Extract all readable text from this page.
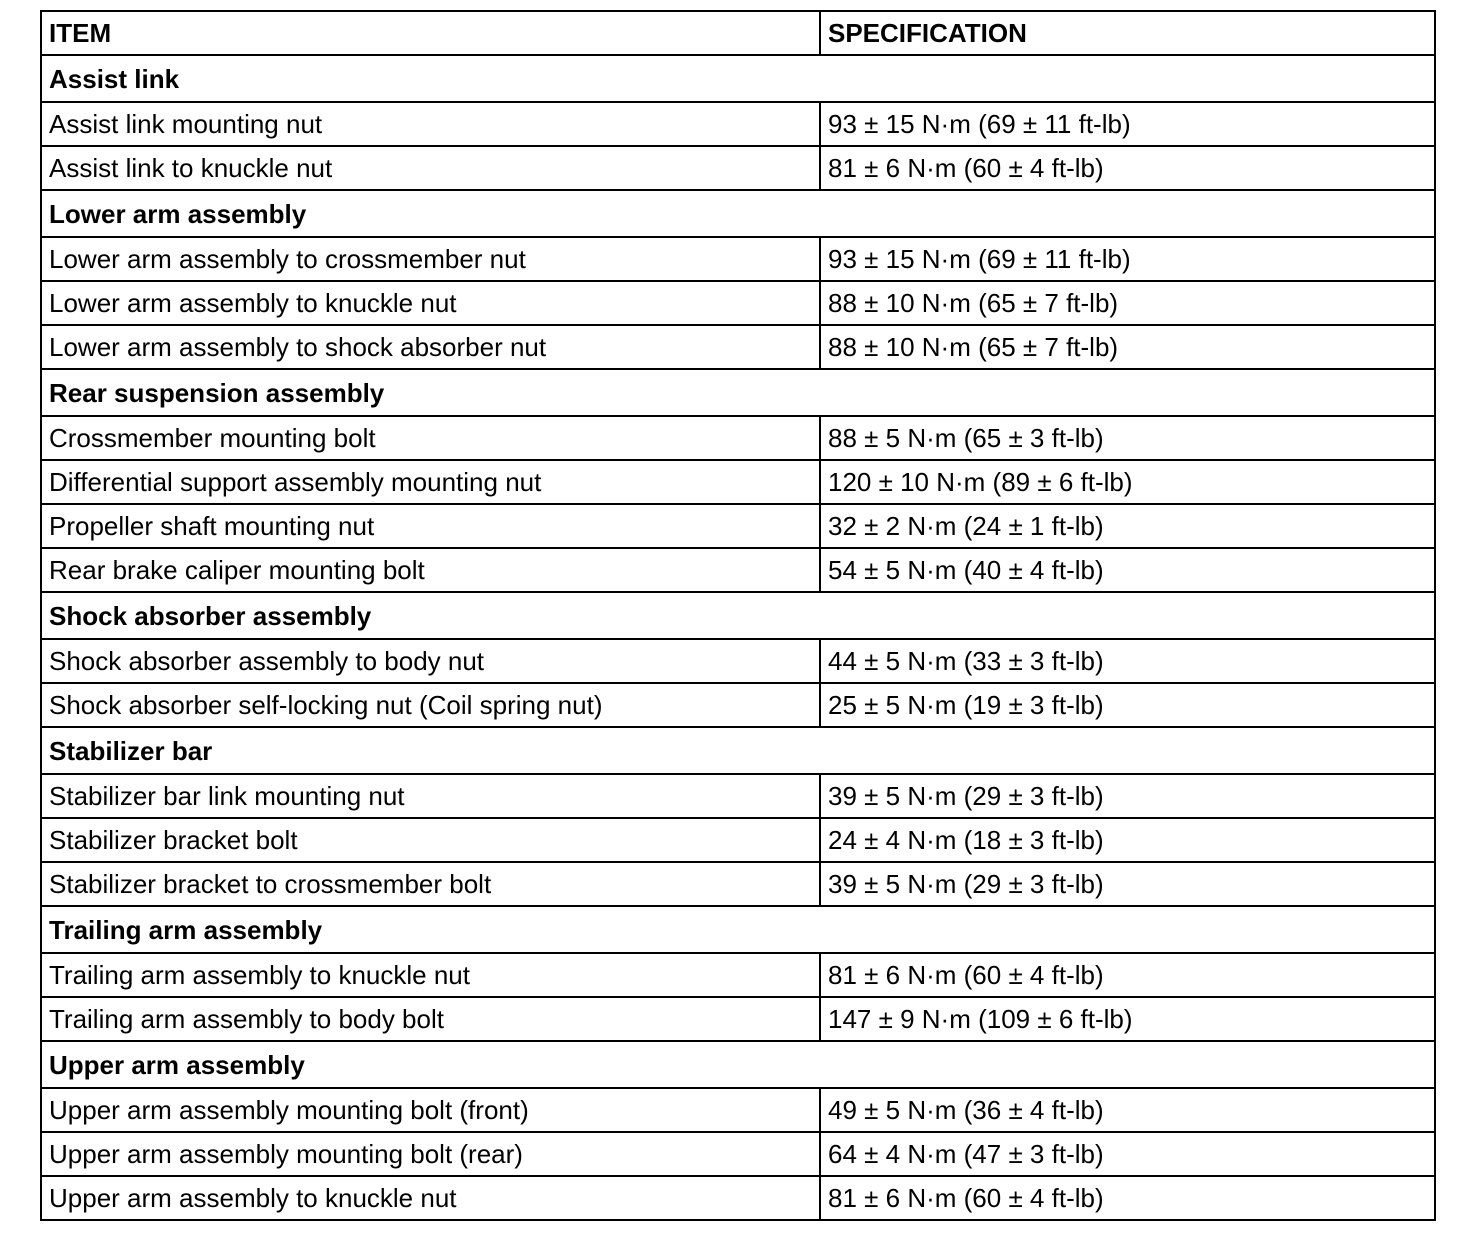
ITEM	SPECIFICATION
Assist link	
Assist link mounting nut	93 ± 15 N·m (69 ± 11 ft-lb)
Assist link to knuckle nut	81 ± 6 N·m (60 ± 4 ft-lb)
Lower arm assembly	
Lower arm assembly to crossmember nut	93 ± 15 N·m (69 ± 11 ft-lb)
Lower arm assembly to knuckle nut	88 ± 10 N·m (65 ± 7 ft-lb)
Lower arm assembly to shock absorber nut	88 ± 10 N·m (65 ± 7 ft-lb)
Rear suspension assembly	
Crossmember mounting bolt	88 ± 5 N·m (65 ± 3 ft-lb)
Differential support assembly mounting nut	120 ± 10 N·m (89 ± 6 ft-lb)
Propeller shaft mounting nut	32 ± 2 N·m (24 ± 1 ft-lb)
Rear brake caliper mounting bolt	54 ± 5 N·m (40 ± 4 ft-lb)
Shock absorber assembly	
Shock absorber assembly to body nut	44 ± 5 N·m (33 ± 3 ft-lb)
Shock absorber self-locking nut (Coil spring nut)	25 ± 5 N·m (19 ± 3 ft-lb)
Stabilizer bar	
Stabilizer bar link mounting nut	39 ± 5 N·m (29 ± 3 ft-lb)
Stabilizer bracket bolt	24 ± 4 N·m (18 ± 3 ft-lb)
Stabilizer bracket to crossmember bolt	39 ± 5 N·m (29 ± 3 ft-lb)
Trailing arm assembly	
Trailing arm assembly to knuckle nut	81 ± 6 N·m (60 ± 4 ft-lb)
Trailing arm assembly to body bolt	147 ± 9 N·m (109 ± 6 ft-lb)
Upper arm assembly	
Upper arm assembly mounting bolt (front)	49 ± 5 N·m (36 ± 4 ft-lb)
Upper arm assembly mounting bolt (rear)	64 ± 4 N·m (47 ± 3 ft-lb)
Upper arm assembly to knuckle nut	81 ± 6 N·m (60 ± 4 ft-lb)
